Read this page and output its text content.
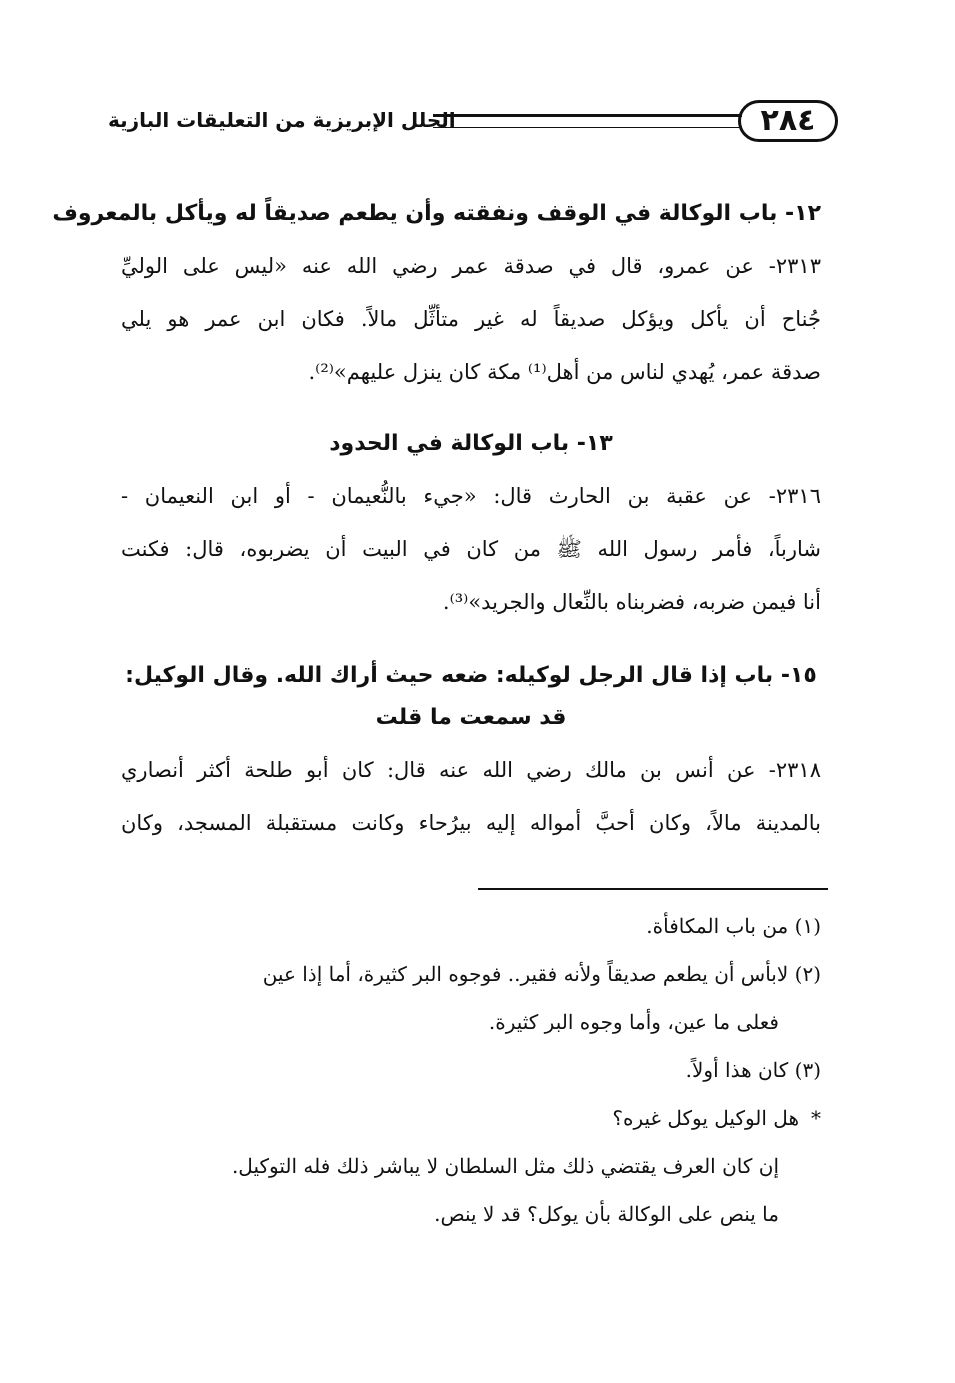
٢٨٤
الحلل الإبريزية من التعليقات البازية
١٢- باب الوكالة في الوقف ونفقته وأن يطعم صديقاً له ويأكل بالمعروف
٢٣١٣- عن عمرو، قال في صدقة عمر رضي الله عنه «ليس على الوليِّ
جُناح أن يأكل ويؤكل صديقاً له غير متأثِّل مالاً. فكان ابن عمر هو يلي
صدقة عمر، يُهدي لناس من أهل⁽¹⁾ مكة كان ينزل عليهم»⁽²⁾.
١٣- باب الوكالة في الحدود
٢٣١٦- عن عقبة بن الحارث قال: «جيء بالنُّعيمان - أو ابن النعيمان -
شارباً، فأمر رسول الله ﷺ من كان في البيت أن يضربوه، قال: فكنت
أنا فيمن ضربه، فضربناه بالنِّعال والجريد»⁽³⁾.
١٥- باب إذا قال الرجل لوكيله: ضعه حيث أراك الله. وقال الوكيل:
قد سمعت ما قلت
٢٣١٨- عن أنس بن مالك رضي الله عنه قال: كان أبو طلحة أكثر أنصاري
بالمدينة مالاً، وكان أحبَّ أمواله إليه بيرُحاء وكانت مستقبلة المسجد، وكان
(١) من باب المكافأة.
(٢) لابأس أن يطعم صديقاً ولأنه فقير.. فوجوه البر كثيرة، أما إذا عين
فعلى ما عين، وأما وجوه البر كثيرة.
(٣) كان هذا أولاً.
*هل الوكيل يوكل غيره؟
إن كان العرف يقتضي ذلك مثل السلطان لا يباشر ذلك فله التوكيل.
ما ينص على الوكالة بأن يوكل؟ قد لا ينص.
